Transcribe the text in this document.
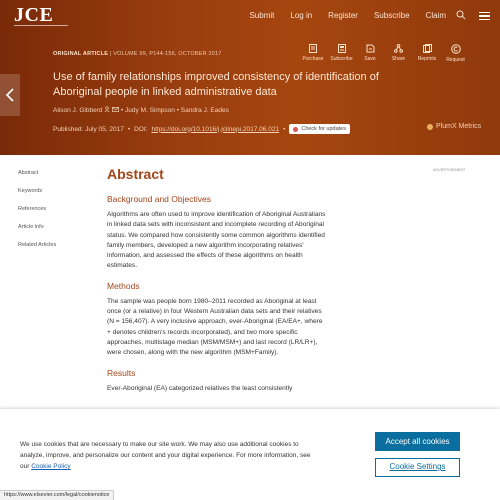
JCE	Submit Log in Register Subscribe Claim
ORIGINAL ARTICLE | VOLUME 99, P144-156, OCTOBER 2017
Purchase	Subscribe	Save	Share	Reprints	Request
Use of family relationships improved consistency of identification of Aboriginal people in linked administrative data
Alison J. Gibberd	• Judy M. Simpson • Sandra J. Eades
Published: July 05, 2017 • DOI: https://doi.org/10.1016/j.jclinepi.2017.06.021 •	Check for updates	PlumX Metrics
Abstract
Keywords
References
Article info
Related Articles
ADVERTISEMENT
Abstract
Background and Objectives
Algorithms are often used to improve identification of Aboriginal Australians in linked data sets with inconsistent and incomplete recording of Aboriginal status. We compared how consistently some common algorithms identified family members, developed a new algorithm incorporating relatives' information, and assessed the effects of these algorithms on health estimates.
Methods
The sample was people born 1980–2011 recorded as Aboriginal at least once (or a relative) in four Western Australian data sets and their relatives (N = 156,407). A very inclusive approach, ever-Aboriginal (EA/EA+, where + denotes children's records incorporated), and two more specific approaches, multistage median (MSM/MSM+) and last record (LR/LR+), were chosen, along with the new algorithm (MSM+Family).
Results
Ever-Aboriginal (EA) categorized relatives the least consistently
We use cookies that are necessary to make our site work. We may also use additional cookies to analyze, improve, and personalize our content and your digital experience. For more information, see our Cookie Policy
Accept all cookies
Cookie Settings
https://www.elsevier.com/legal/cookienotice
